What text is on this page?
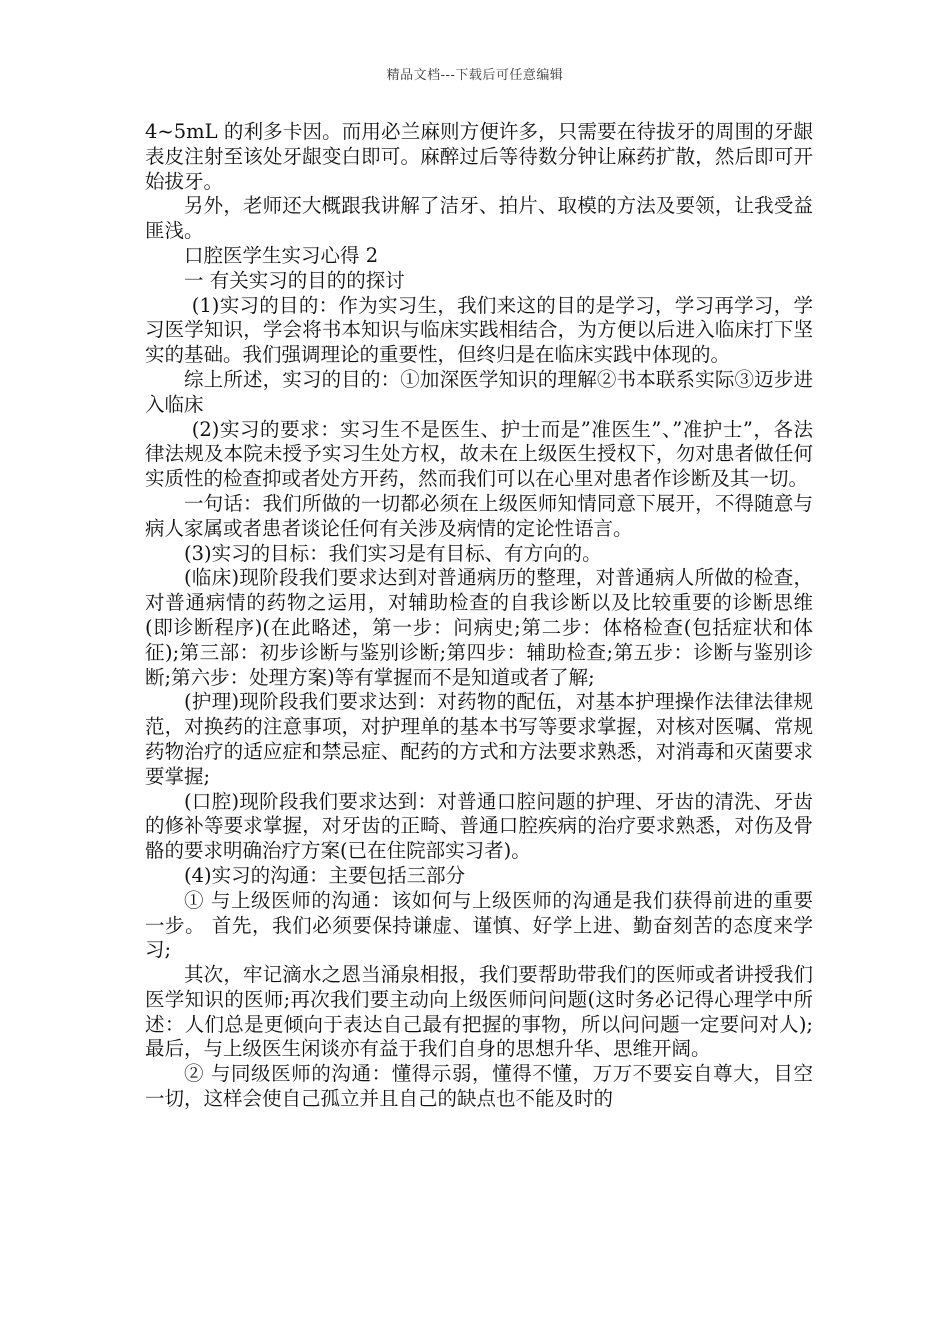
精品文档---下载后可任意编辑

4~5mL 的利多卡因。而用必兰麻则方便许多，只需要在待拔牙的周围的牙龈表皮注射至该处牙龈变白即可。麻醉过后等待数分钟让麻药扩散，然后即可开始拔牙。

另外，老师还大概跟我讲解了洁牙、拍片、取模的方法及要领，让我受益匪浅。

口腔医学生实习心得 2

一 有关实习的目的的探讨

(1)实习的目的：作为实习生，我们来这的目的是学习，学习再学习，学习医学知识，学会将书本知识与临床实践相结合，为方便以后进入临床打下坚实的基础。我们强调理论的重要性，但终归是在临床实践中体现的。

综上所述，实习的目的：①加深医学知识的理解②书本联系实际③迈步进入临床

(2)实习的要求：实习生不是医生、护士而是”准医生”、”准护士”，各法律法规及本院未授予实习生处方权，故未在上级医生授权下，勿对患者做任何实质性的检查抑或者处方开药，然而我们可以在心里对患者作诊断及其一切。

一句话：我们所做的一切都必须在上级医师知情同意下展开，不得随意与病人家属或者患者谈论任何有关涉及病情的定论性语言。

(3)实习的目标：我们实习是有目标、有方向的。

(临床)现阶段我们要求达到对普通病历的整理，对普通病人所做的检查，对普通病情的药物之运用，对辅助检查的自我诊断以及比较重要的诊断思维(即诊断程序)(在此略述，第一步：问病史;第二步：体格检查(包括症状和体征);第三部：初步诊断与鉴别诊断;第四步：辅助检查;第五步：诊断与鉴别诊断;第六步：处理方案)等有掌握而不是知道或者了解;

(护理)现阶段我们要求达到：对药物的配伍，对基本护理操作法律法律规范，对换药的注意事项，对护理单的基本书写等要求掌握，对核对医嘱、常规药物治疗的适应症和禁忌症、配药的方式和方法要求熟悉，对消毒和灭菌要求要掌握;

(口腔)现阶段我们要求达到：对普通口腔问题的护理、牙齿的清洗、牙齿的修补等要求掌握，对牙齿的正畸、普通口腔疾病的治疗要求熟悉，对伤及骨骼的要求明确治疗方案(已在住院部实习者)。

(4)实习的沟通：主要包括三部分

① 与上级医师的沟通：该如何与上级医师的沟通是我们获得前进的重要一步。 首先，我们必须要保持谦虚、谨慎、好学上进、勤奋刻苦的态度来学习;

其次，牢记滴水之恩当涌泉相报，我们要帮助带我们的医师或者讲授我们医学知识的医师;再次我们要主动向上级医师问问题(这时务必记得心理学中所述：人们总是更倾向于表达自己最有把握的事物，所以问问题一定要问对人);最后，与上级医生闲谈亦有益于我们自身的思想升华、思维开阔。

② 与同级医师的沟通：懂得示弱，懂得不懂，万万不要妄自尊大，目空一切，这样会使自己孤立并且自己的缺点也不能及时的
